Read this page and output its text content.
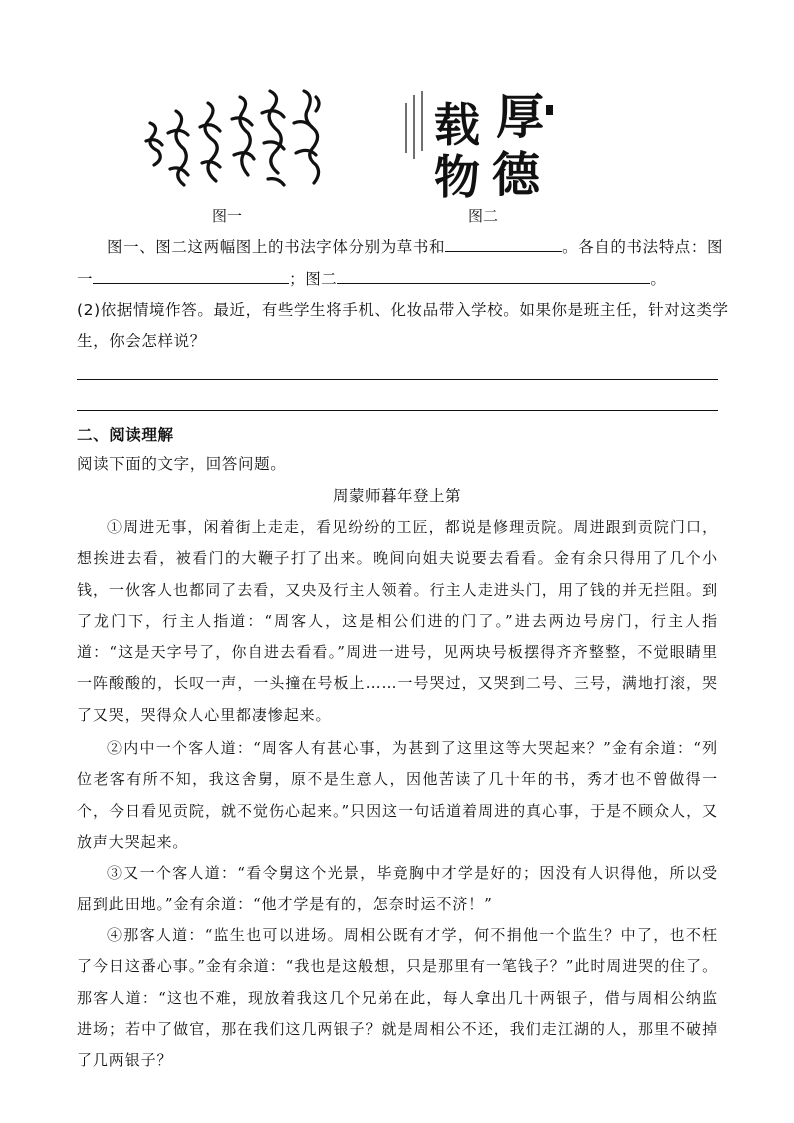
图一
厚
德
载
物
图二
图一、图二这两幅图上的书法字体分别为草书和	。各自的书法特点：图
一	；图二	。
(2)依据情境作答。最近，有些学生将手机、化妆品带入学校。如果你是班主任，针对这类学
生，你会怎样说？
二、阅读理解
阅读下面的文字，回答问题。
周蒙师暮年登上第
①周进无事，闲着街上走走，看见纷纷的工匠，都说是修理贡院。周进跟到贡院门口，想挨进去看，被看门的大鞭子打了出来。晚间向姐夫说要去看看。金有余只得用了几个小钱，一伙客人也都同了去看，又央及行主人领着。行主人走进头门，用了钱的并无拦阻。到了龙门下，行主人指道：“周客人，这是相公们进的门了。”进去两边号房门，行主人指道：“这是天字号了，你自进去看看。”周进一进号，见两块号板摆得齐齐整整，不觉眼睛里一阵酸酸的，长叹一声，一头撞在号板上……一号哭过，又哭到二号、三号，满地打滚，哭了又哭，哭得众人心里都凄惨起来。
②内中一个客人道：“周客人有甚心事，为甚到了这里这等大哭起来？”金有余道：“列位老客有所不知，我这舍舅，原不是生意人，因他苦读了几十年的书，秀才也不曾做得一个，今日看见贡院，就不觉伤心起来。”只因这一句话道着周进的真心事，于是不顾众人，又放声大哭起来。
③又一个客人道：“看令舅这个光景，毕竟胸中才学是好的；因没有人识得他，所以受屈到此田地。”金有余道：“他才学是有的，怎奈时运不济！”
④那客人道：“监生也可以进场。周相公既有才学，何不捐他一个监生？中了，也不枉了今日这番心事。”金有余道：“我也是这般想，只是那里有一笔钱子？”此时周进哭的住了。那客人道：“这也不难，现放着我这几个兄弟在此，每人拿出几十两银子，借与周相公纳监进场；若中了做官，那在我们这几两银子？就是周相公不还，我们走江湖的人，那里不破掉了几两银子？
